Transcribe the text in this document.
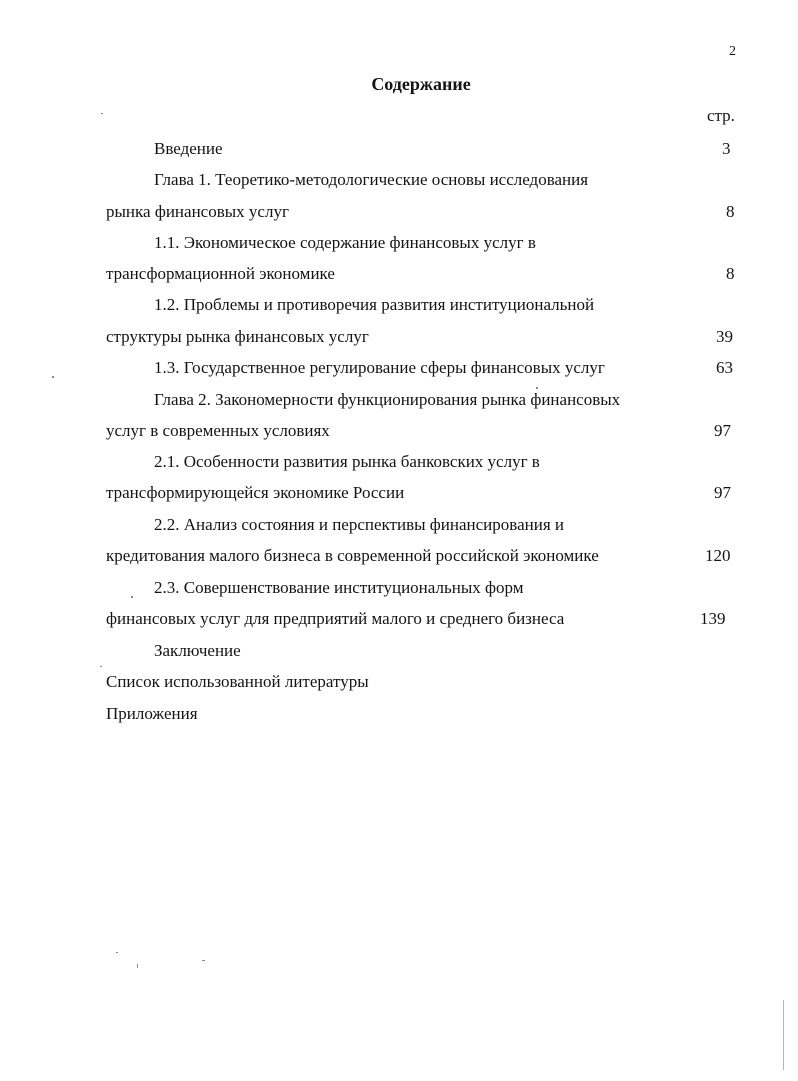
2
Содержание
стр.
Введение	3
Глава 1. Теоретико-методологические основы исследования
рынка финансовых услуг	8
1.1. Экономическое содержание финансовых услуг в
трансформационной экономике	8
1.2. Проблемы и противоречия развития институциональной
структуры рынка финансовых услуг	39
1.3. Государственное регулирование сферы финансовых услуг	63
Глава 2. Закономерности функционирования рынка финансовых
услуг в современных условиях	97
2.1. Особенности развития рынка банковских услуг в
трансформирующейся экономике России	97
2.2. Анализ состояния и перспективы финансирования и
кредитования малого бизнеса в современной российской экономике	120
2.3. Совершенствование институциональных форм
финансовых услуг для предприятий малого и среднего бизнеса	139
Заключение
Список использованной литературы
Приложения
